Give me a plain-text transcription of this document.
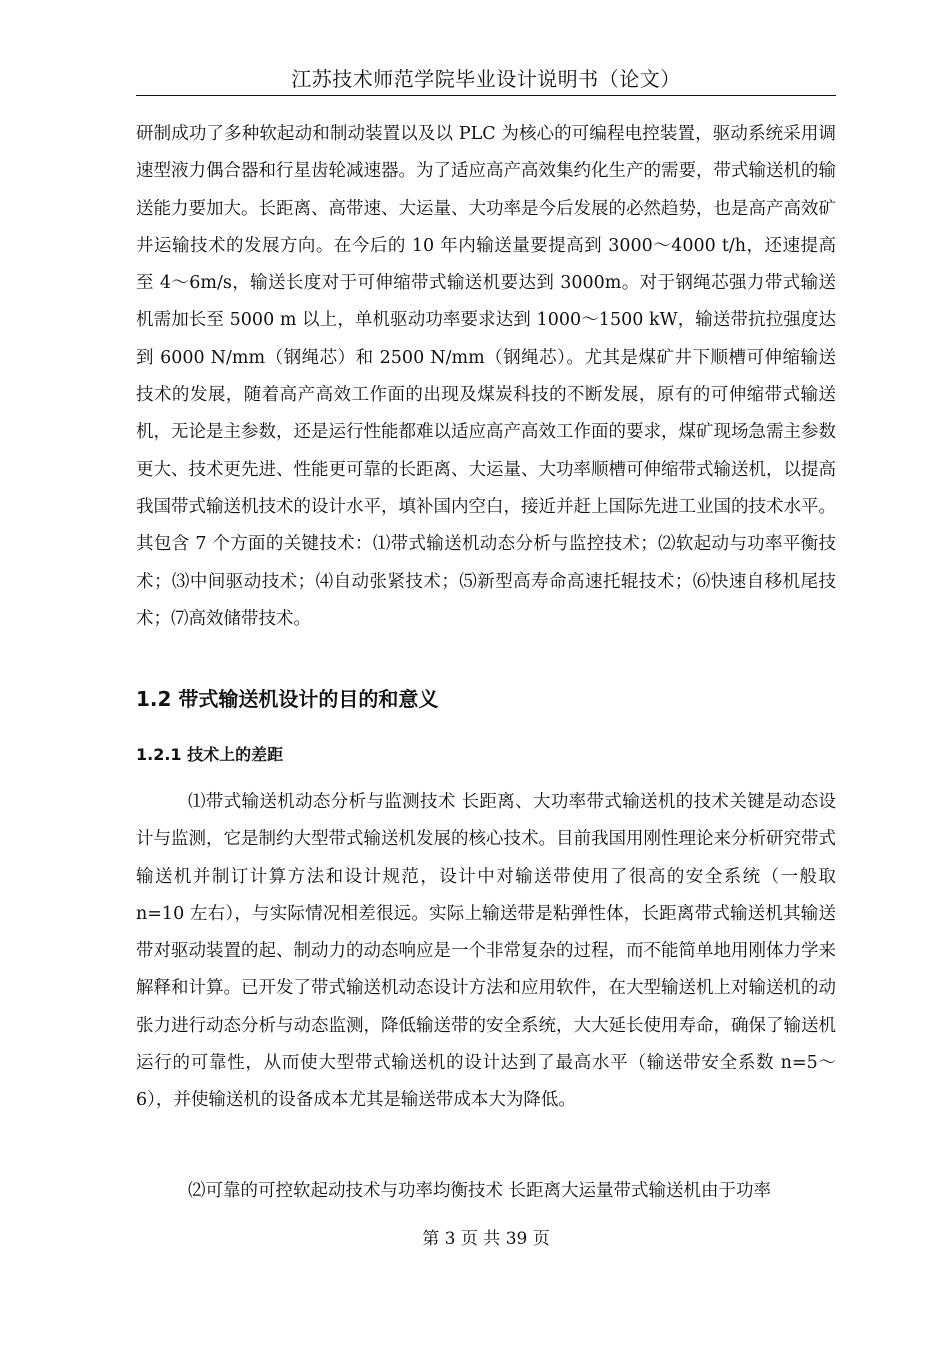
江苏技术师范学院毕业设计说明书（论文）
研制成功了多种软起动和制动装置以及以 PLC 为核心的可编程电控装置，驱动系统采用调速型液力偶合器和行星齿轮减速器。为了适应高产高效集约化生产的需要，带式输送机的输送能力要加大。长距离、高带速、大运量、大功率是今后发展的必然趋势，也是高产高效矿井运输技术的发展方向。在今后的 10 年内输送量要提高到 3000～4000 t/h，还速提高至 4～6m/s，输送长度对于可伸缩带式输送机要达到 3000m。对于钢绳芯强力带式输送机需加长至 5000 m 以上，单机驱动功率要求达到 1000～1500 kW，输送带抗拉强度达到 6000 N/mm（钢绳芯）和 2500 N/mm（钢绳芯）。尤其是煤矿井下顺槽可伸缩输送技术的发展，随着高产高效工作面的出现及煤炭科技的不断发展，原有的可伸缩带式输送机，无论是主参数，还是运行性能都难以适应高产高效工作面的要求，煤矿现场急需主参数更大、技术更先进、性能更可靠的长距离、大运量、大功率顺槽可伸缩带式输送机，以提高我国带式输送机技术的设计水平，填补国内空白，接近并赶上国际先进工业国的技术水平。其包含 7 个方面的关键技术：⑴带式输送机动态分析与监控技术；⑵软起动与功率平衡技术；⑶中间驱动技术；⑷自动张紧技术；⑸新型高寿命高速托辊技术；⑹快速自移机尾技术；⑺高效储带技术。
1.2 带式输送机设计的目的和意义
1.2.1 技术上的差距
⑴带式输送机动态分析与监测技术 长距离、大功率带式输送机的技术关键是动态设计与监测，它是制约大型带式输送机发展的核心技术。目前我国用刚性理论来分析研究带式输送机并制订计算方法和设计规范，设计中对输送带使用了很高的安全系统（一般取 n=10 左右），与实际情况相差很远。实际上输送带是粘弹性体，长距离带式输送机其输送带对驱动装置的起、制动力的动态响应是一个非常复杂的过程，而不能简单地用刚体力学来解释和计算。已开发了带式输送机动态设计方法和应用软件，在大型输送机上对输送机的动张力进行动态分析与动态监测，降低输送带的安全系统，大大延长使用寿命，确保了输送机运行的可靠性，从而使大型带式输送机的设计达到了最高水平（输送带安全系数 n=5～6），并使输送机的设备成本尤其是输送带成本大为降低。
⑵可靠的可控软起动技术与功率均衡技术 长距离大运量带式输送机由于功率
第 3 页 共 39 页
